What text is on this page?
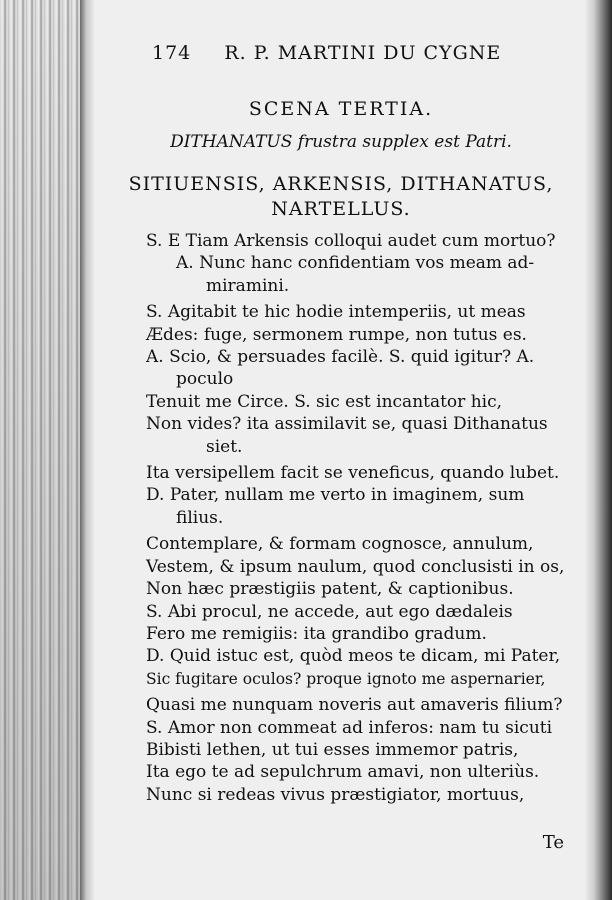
174 R. P. MARTINI DU CYGNE
SCENA TERTIA.
DITHANATUS frustra supplex est Patri.
SITIUENSIS, ARKENSIS, DITHANATUS,
NARTELLUS.
S. E Tiam Arkensis colloqui audet cum mortuo?
A. Nunc hanc confidentiam vos meam ad-
miramini.
S. Agitabit te hic hodie intemperiis, ut meas
Ædes: fuge, sermonem rumpe, non tutus es.
A. Scio, & persuades facilè. S. quid igitur? A.
poculo
Tenuit me Circe. S. sic est incantator hic,
Non vides? ita assimilavit se, quasi Dithanatus
siet.
Ita versipellem facit se veneficus, quando lubet.
D. Pater, nullam me verto in imaginem, sum
filius.
Contemplare, & formam cognosce, annulum,
Vestem, & ipsum naulum, quod conclusisti in os,
Non hæc præstigiis patent, & captionibus.
S. Abi procul, ne accede, aut ego dædaleis
Fero me remigiis: ita grandibo gradum.
D. Quid istuc est, quòd meos te dicam, mi Pater,
Sic fugitare oculos? proque ignoto me aspernarier,
Quasi me nunquam noveris aut amaveris filium?
S. Amor non commeat ad inferos: nam tu sicuti
Bibisti lethen, ut tui esses immemor patris,
Ita ego te ad sepulchrum amavi, non ulteriùs.
Nunc si redeas vivus præstigiator, mortuus,
Te
